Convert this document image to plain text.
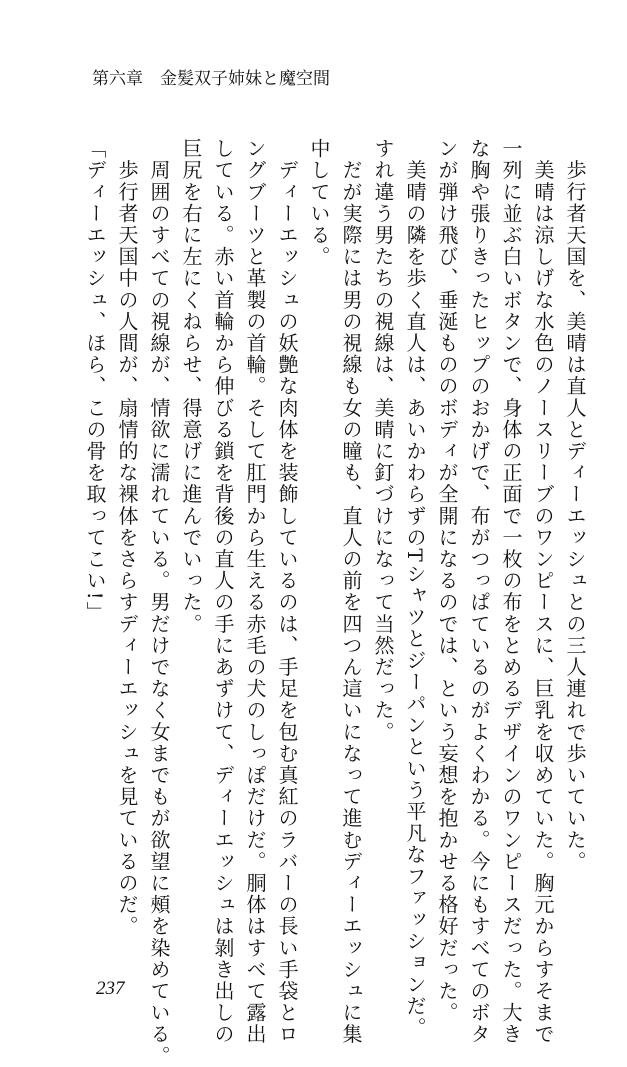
第六章　金髪双子姉妹と魔空間

　歩行者天国を、美晴は直人とディーエッシュとの三人連れで歩いていた。

　美晴は涼しげな水色のノースリーブのワンピースに、巨乳を収めていた。胸元からすそまで

一列に並ぶ白いボタンで、身体の正面で一枚の布をとめるデザインのワンピースだった。大き

な胸や張りきったヒップのおかげで、布がつっぱているのがよくわかる。今にもすべてのボタ

ンが弾け飛び、垂涎もののボディが全開になるのでは、という妄想を抱かせる格好だった。

　美晴の隣を歩く直人は、あいかわらずのTシャツとジーパンという平凡なファッションだ。

すれ違う男たちの視線は、美晴に釘づけになって当然だった。

　だが実際には男の視線も女の瞳も、直人の前を四つん這いになって進むディーエッシュに集

中している。

　ディーエッシュの妖艶な肉体を装飾しているのは、手足を包む真紅のラバーの長い手袋とロ

ングブーツと革製の首輪。そして肛門から生える赤毛の犬のしっぽだけだ。胴体はすべて露出

している。赤い首輪から伸びる鎖を背後の直人の手にあずけて、ディーエッシュは剝き出しの

巨尻を右に左にくねらせ、得意げに進んでいった。

　周囲のすべての視線が、情欲に濡れている。男だけでなく女までもが欲望に頰を染めている。

　歩行者天国中の人間が、扇情的な裸体をさらすディーエッシュを見ているのだ。

「ディーエッシュ、ほら、この骨を取ってこい!」

237
